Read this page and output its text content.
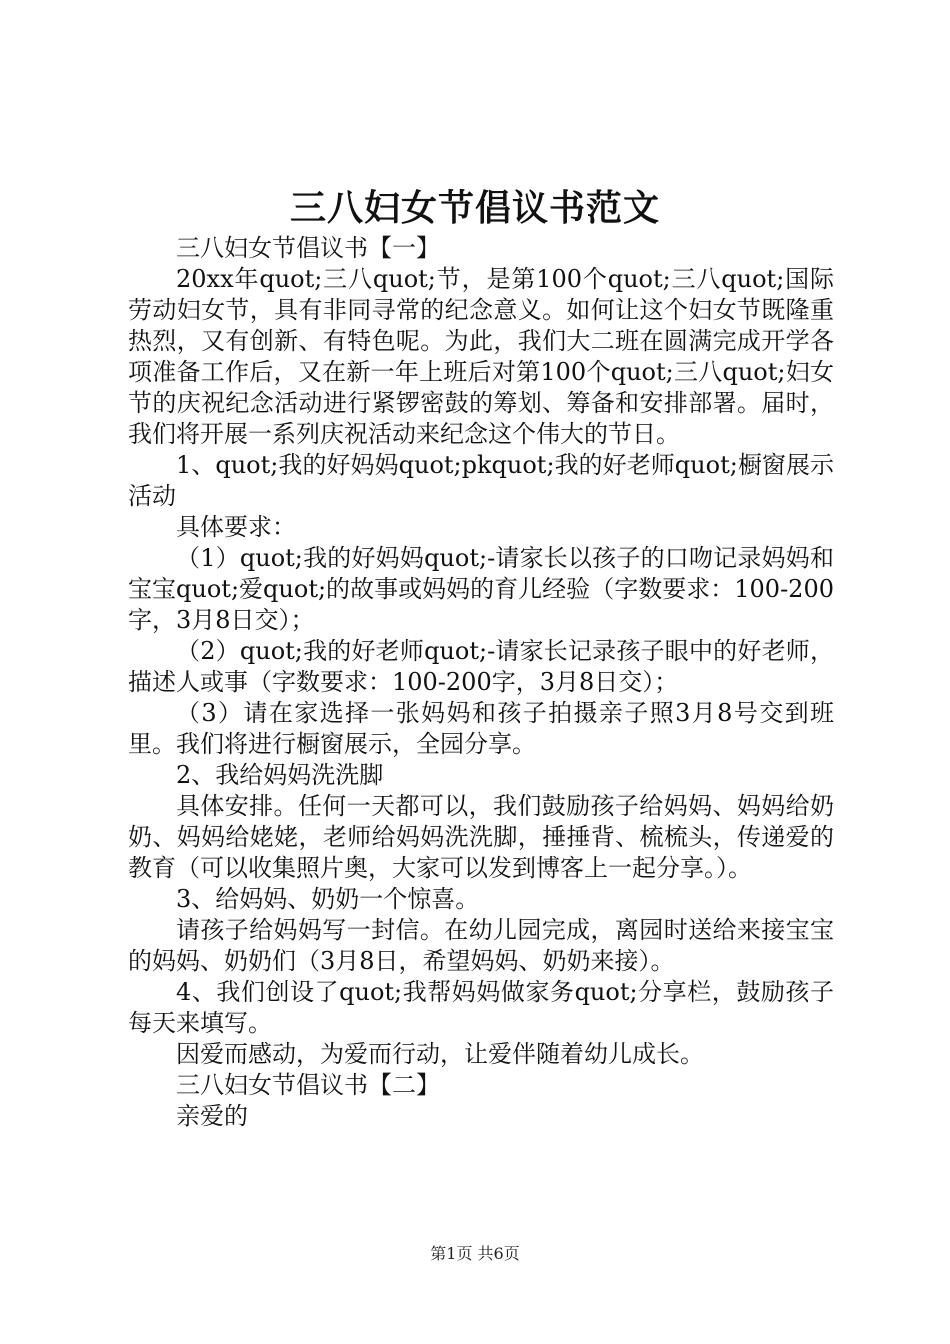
三八妇女节倡议书范文

三八妇女节倡议书【一】

20xx年quot;三八quot;节，是第100个quot;三八quot;国际劳动妇女节，具有非同寻常的纪念意义。如何让这个妇女节既隆重热烈，又有创新、有特色呢。为此，我们大二班在圆满完成开学各项准备工作后，又在新一年上班后对第100个quot;三八quot;妇女节的庆祝纪念活动进行紧锣密鼓的筹划、筹备和安排部署。届时，我们将开展一系列庆祝活动来纪念这个伟大的节日。

1、quot;我的好妈妈quot;pkquot;我的好老师quot;橱窗展示活动

具体要求：

（1）quot;我的好妈妈quot;-请家长以孩子的口吻记录妈妈和宝宝quot;爱quot;的故事或妈妈的育儿经验（字数要求：100-200字，3月8日交）；

（2）quot;我的好老师quot;-请家长记录孩子眼中的好老师，描述人或事（字数要求：100-200字，3月8日交）；

（3）请在家选择一张妈妈和孩子拍摄亲子照3月8号交到班里。我们将进行橱窗展示，全园分享。

2、我给妈妈洗洗脚

具体安排。任何一天都可以，我们鼓励孩子给妈妈、妈妈给奶奶、妈妈给姥姥，老师给妈妈洗洗脚，捶捶背、梳梳头，传递爱的教育（可以收集照片奥，大家可以发到博客上一起分享。）。

3、给妈妈、奶奶一个惊喜。

请孩子给妈妈写一封信。在幼儿园完成，离园时送给来接宝宝的妈妈、奶奶们（3月8日，希望妈妈、奶奶来接）。

4、我们创设了quot;我帮妈妈做家务quot;分享栏，鼓励孩子每天来填写。

因爱而感动，为爱而行动，让爱伴随着幼儿成长。

三八妇女节倡议书【二】

亲爱的

第1页 共6页
